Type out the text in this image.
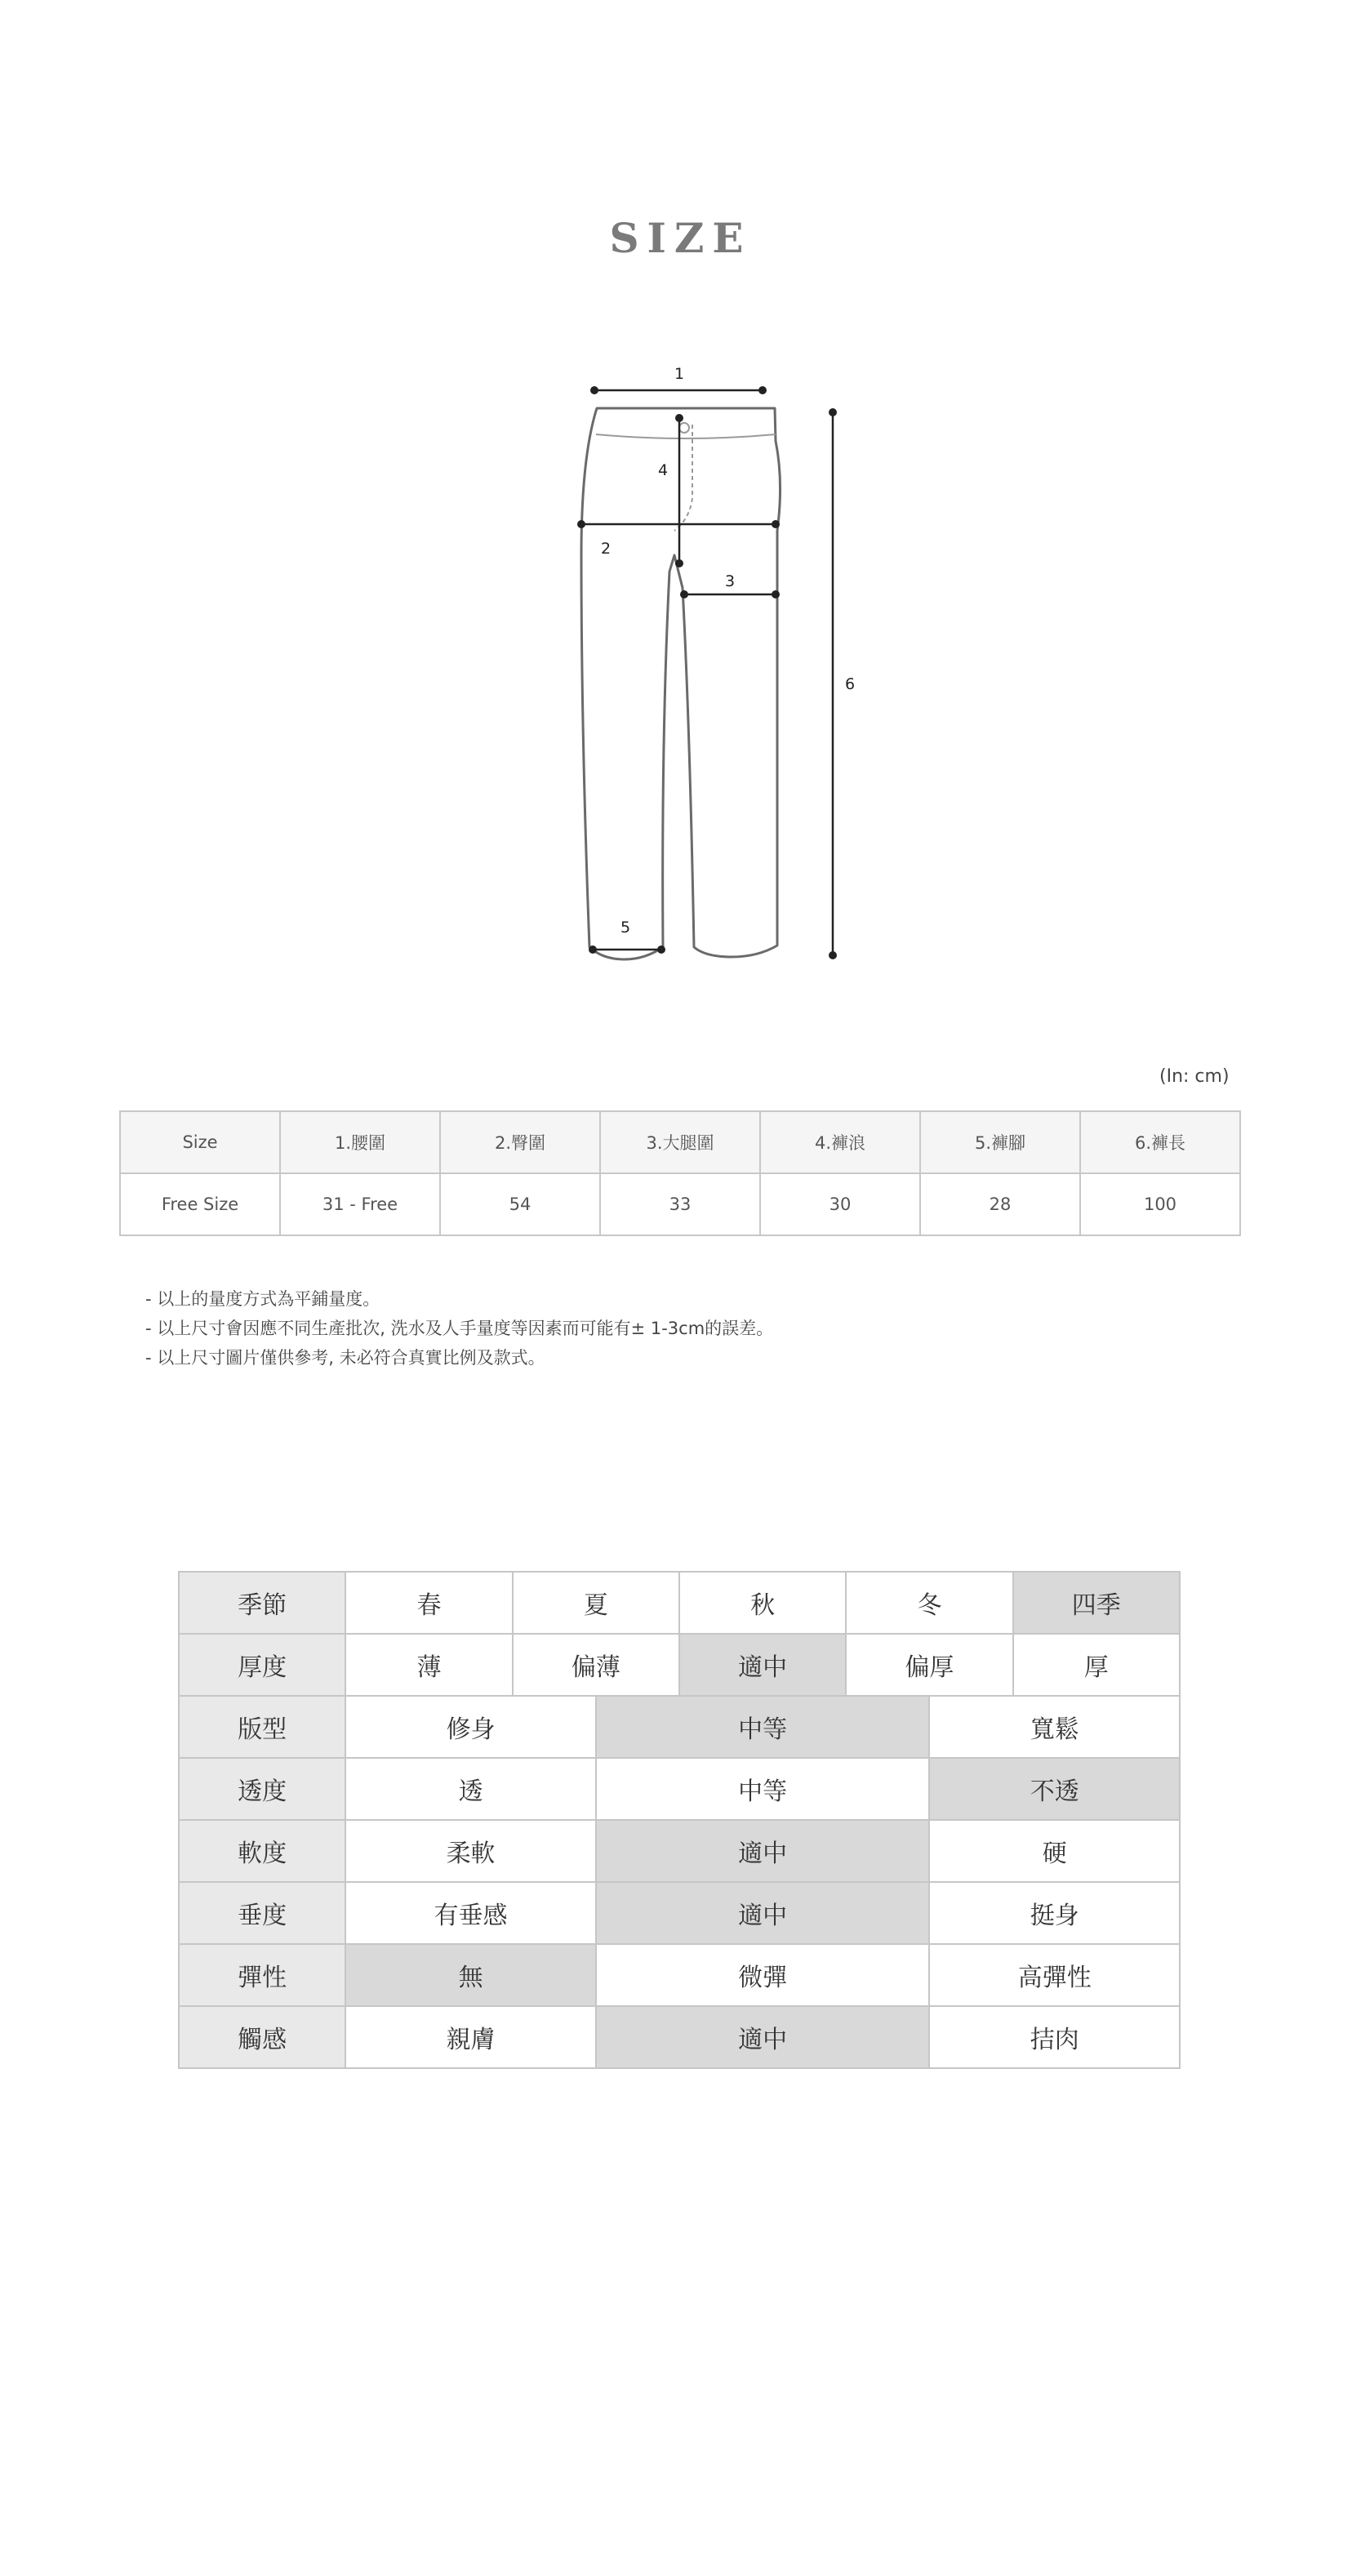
SIZE
1
2
3
4
5
6
(In: cm)
Size	1.腰圍	2.臀圍	3.大腿圍	4.褲浪	5.褲腳	6.褲長
Free Size	31 - Free	54	33	30	28	100
- 以上的量度方式為平鋪量度。
- 以上尺寸會因應不同生產批次, 洗水及人手量度等因素而可能有± 1-3cm的誤差。
- 以上尺寸圖片僅供參考, 未必符合真實比例及款式。
季節	春	夏		秋	冬		四季
厚度	薄	偏薄		適中	偏厚		厚
版型	修身		中等			寬鬆	
透度	透		中等			不透	
軟度	柔軟		適中			硬	
垂度	有垂感		適中			挺身	
彈性	無		微彈			高彈性	
觸感	親膚		適中			拮肉	
